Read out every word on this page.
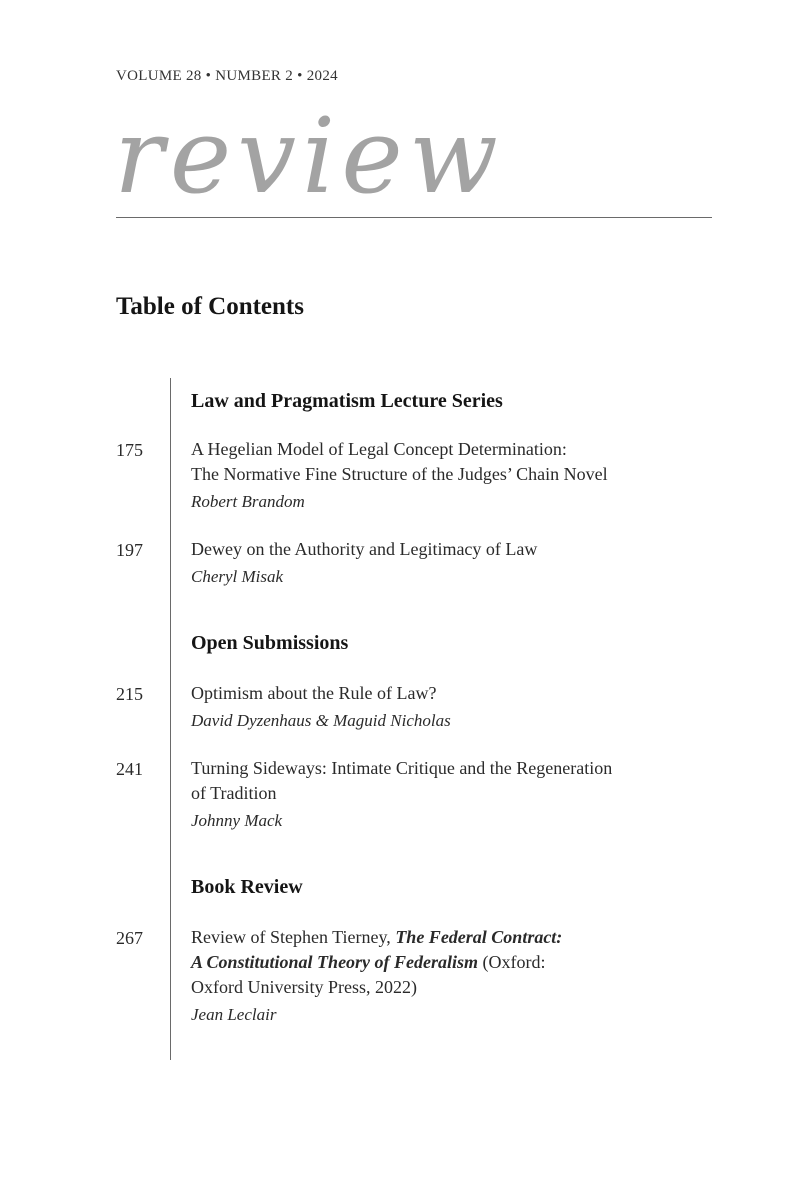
VOLUME 28 • NUMBER 2 • 2024
review
Table of Contents
Law and Pragmatism Lecture Series
175	A Hegelian Model of Legal Concept Determination:
The Normative Fine Structure of the Judges’ Chain Novel
Robert Brandom
197	Dewey on the Authority and Legitimacy of Law
Cheryl Misak
Open Submissions
215	Optimism about the Rule of Law?
David Dyzenhaus & Maguid Nicholas
241	Turning Sideways: Intimate Critique and the Regeneration
of Tradition
Johnny Mack
Book Review
267	Review of Stephen Tierney, The Federal Contract:
A Constitutional Theory of Federalism (Oxford:
Oxford University Press, 2022)
Jean Leclair
